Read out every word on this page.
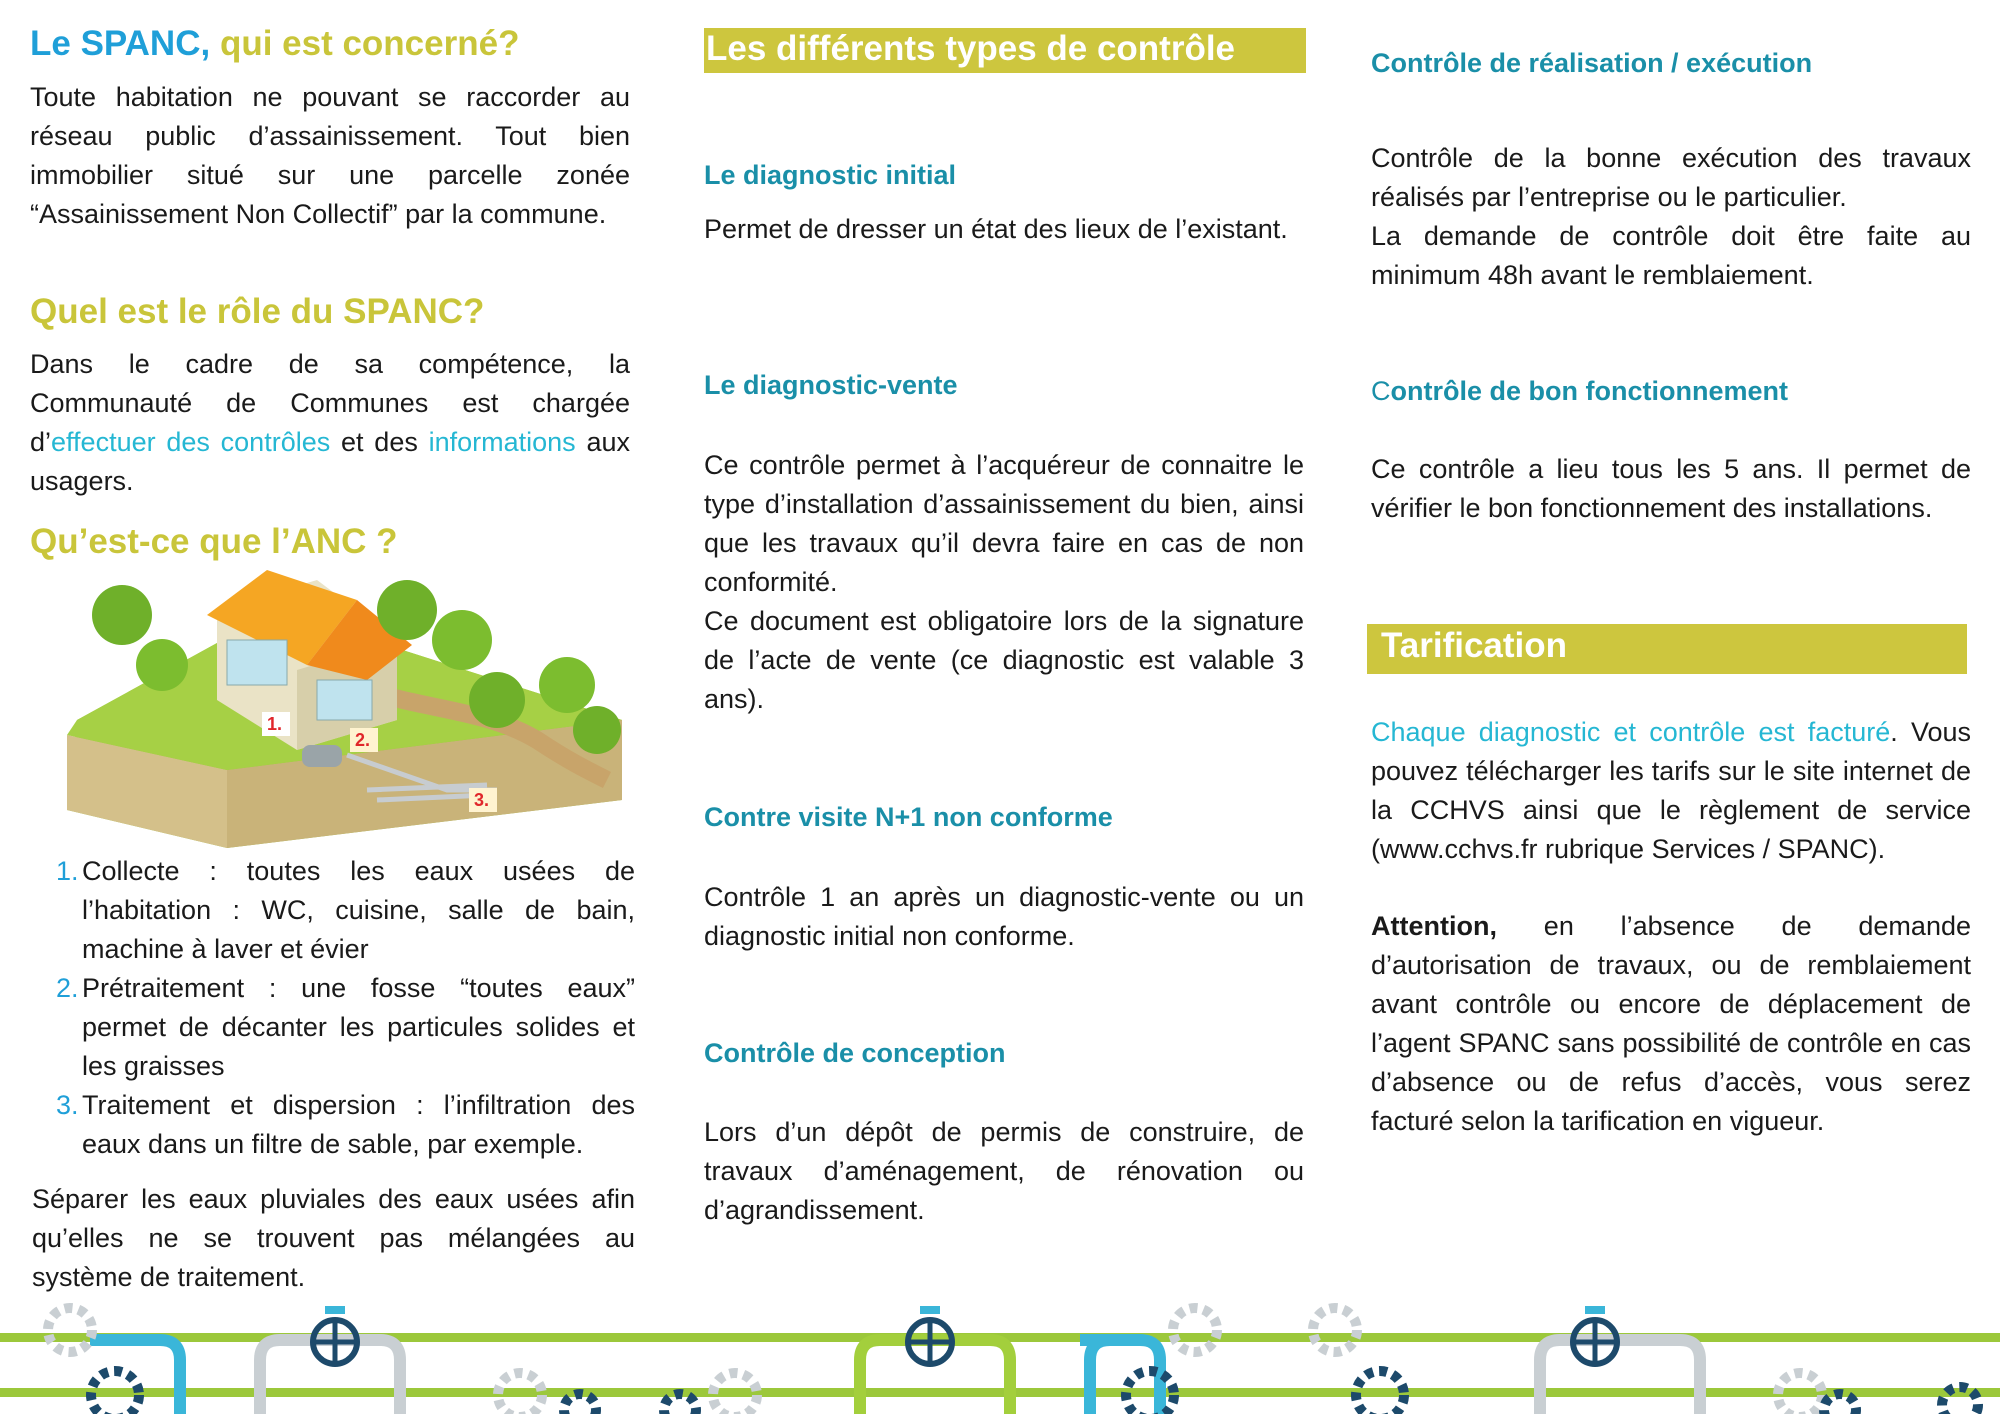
Le SPANC, qui est concerné?

Toute habitation ne pouvant se raccorder au réseau public d’assainissement. Tout bien immobilier situé sur une parcelle zonée “Assainissement Non Collectif” par la commune.

Quel est le rôle du SPANC?

Dans le cadre de sa compétence, la Communauté de Communes est chargée d’effectuer des contrôles et des informations aux usagers.

Qu’est-ce que l’ANC ?
1.
2.
3.
1. Collecte : toutes les eaux usées de l’habitation : WC, cuisine, salle de bain, machine à laver et évier
2. Prétraitement : une fosse “toutes eaux” permet de décanter les particules solides et les graisses
3. Traitement et dispersion : l’infiltration des eaux dans un filtre de sable, par exemple.

Séparer les eaux pluviales des eaux usées afin qu’elles ne se trouvent pas mélangées au système de traitement.

Les différents types de contrôle
Le diagnostic initial

Permet de dresser un état des lieux de l’existant.

Le diagnostic-vente

Ce contrôle permet à l’acquéreur de connaitre le type d’installation d’assainissement du bien, ainsi que les travaux qu’il devra faire en cas de non conformité.
Ce document est obligatoire lors de la signature de l’acte de vente (ce diagnostic est valable 3 ans).

Contre visite N+1 non conforme

Contrôle 1 an après un diagnostic-vente ou un diagnostic initial non conforme.

Contrôle de conception

Lors d’un dépôt de permis de construire, de travaux d’aménagement, de rénovation ou d’agrandissement.

Contrôle de réalisation / exécution

Contrôle de la bonne exécution des travaux réalisés par l’entreprise ou le particulier.
La demande de contrôle doit être faite au minimum 48h avant le remblaiement.

Contrôle de bon fonctionnement

Ce contrôle a lieu tous les 5 ans. Il permet de vérifier le bon fonctionnement des installations.

Tarification

Chaque diagnostic et contrôle est facturé. Vous pouvez télécharger les tarifs sur le site internet de la CCHVS ainsi que le règlement de service (www.cchvs.fr rubrique Services / SPANC).

Attention, en l’absence de demande d’autorisation de travaux, ou de remblaiement avant contrôle ou encore de déplacement de l’agent SPANC sans possibilité de contrôle en cas d’absence ou de refus d’accès, vous serez facturé selon la tarification en vigueur.
